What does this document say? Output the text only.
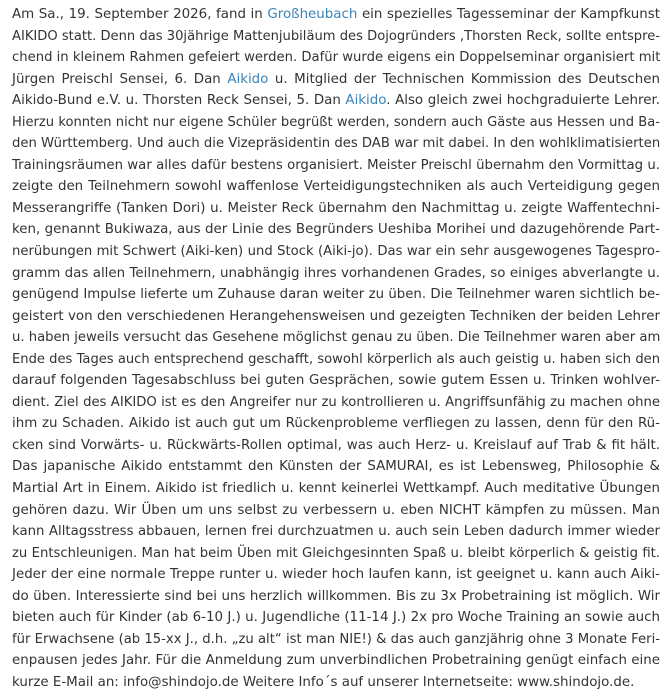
Am Sa., 19. September 2026, fand in Großheubach ein spezielles Tagesseminar der Kampfkunst
AIKIDO statt. Denn das 30jährige Mattenjubiläum des Dojogründers ‚Thorsten Reck, sollte entspre-
chend in kleinem Rahmen gefeiert werden. Dafür wurde eigens ein Doppelseminar organisiert mit
Jürgen Preischl Sensei, 6. Dan Aikido u. Mitglied der Technischen Kommission des Deutschen
Aikido-Bund e.V. u. Thorsten Reck Sensei, 5. Dan Aikido. Also gleich zwei hochgraduierte Lehrer.
Hierzu konnten nicht nur eigene Schüler begrüßt werden, sondern auch Gäste aus Hessen und Ba-
den Württemberg. Und auch die Vizepräsidentin des DAB war mit dabei. In den wohlklimatisierten
Trainingsräumen war alles dafür bestens organisiert. Meister Preischl übernahm den Vormittag u.
zeigte den Teilnehmern sowohl waffenlose Verteidigungstechniken als auch Verteidigung gegen
Messerangriffe (Tanken Dori) u. Meister Reck übernahm den Nachmittag u. zeigte Waffentechni-
ken, genannt Bukiwaza, aus der Linie des Begründers Ueshiba Morihei und dazugehörende Part-
nerübungen mit Schwert (Aiki-ken) und Stock (Aiki-jo). Das war ein sehr ausgewogenes Tagespro-
gramm das allen Teilnehmern, unabhängig ihres vorhandenen Grades, so einiges abverlangte u.
genügend Impulse lieferte um Zuhause daran weiter zu üben. Die Teilnehmer waren sichtlich be-
geistert von den verschiedenen Herangehensweisen und gezeigten Techniken der beiden Lehrer
u. haben jeweils versucht das Gesehene möglichst genau zu üben. Die Teilnehmer waren aber am
Ende des Tages auch entsprechend geschafft, sowohl körperlich als auch geistig u. haben sich den
darauf folgenden Tagesabschluss bei guten Gesprächen, sowie gutem Essen u. Trinken wohlver-
dient. Ziel des AIKIDO ist es den Angreifer nur zu kontrollieren u. Angriffsunfähig zu machen ohne
ihm zu Schaden. Aikido ist auch gut um Rückenprobleme verfliegen zu lassen, denn für den Rü-
cken sind Vorwärts- u. Rückwärts-Rollen optimal, was auch Herz- u. Kreislauf auf Trab & fit hält.
Das japanische Aikido entstammt den Künsten der SAMURAI, es ist Lebensweg, Philosophie &
Martial Art in Einem. Aikido ist friedlich u. kennt keinerlei Wettkampf. Auch meditative Übungen
gehören dazu. Wir Üben um uns selbst zu verbessern u. eben NICHT kämpfen zu müssen. Man
kann Alltagsstress abbauen, lernen frei durchzuatmen u. auch sein Leben dadurch immer wieder
zu Entschleunigen. Man hat beim Üben mit Gleichgesinnten Spaß u. bleibt körperlich & geistig fit.
Jeder der eine normale Treppe runter u. wieder hoch laufen kann, ist geeignet u. kann auch Aiki-
do üben. Interessierte sind bei uns herzlich willkommen. Bis zu 3x Probetraining ist möglich. Wir
bieten auch für Kinder (ab 6-10 J.) u. Jugendliche (11-14 J.) 2x pro Woche Training an sowie auch
für Erwachsene (ab 15-xx J., d.h. „zu alt“ ist man NIE!) & das auch ganzjährig ohne 3 Monate Feri-
enpausen jedes Jahr. Für die Anmeldung zum unverbindlichen Probetraining genügt einfach eine
kurze E-Mail an: info@shindojo.de Weitere Info´s auf unserer Internetseite: www.shindojo.de.
